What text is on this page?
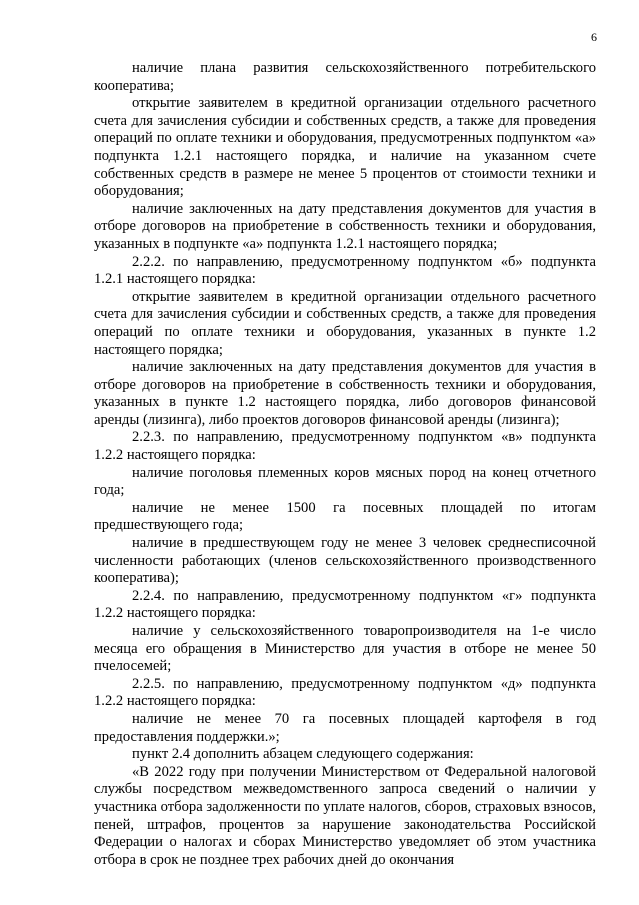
6

наличие плана развития сельскохозяйственного потребительского кооператива;

открытие заявителем в кредитной организации отдельного расчетного счета для зачисления субсидии и собственных средств, а также для проведения операций по оплате техники и оборудования, предусмотренных подпунктом «а» подпункта 1.2.1 настоящего порядка, и наличие на указанном счете собственных средств в размере не менее 5 процентов от стоимости техники и оборудования;

наличие заключенных на дату представления документов для участия в отборе договоров на приобретение в собственность техники и оборудования, указанных в подпункте «а» подпункта 1.2.1 настоящего порядка;

2.2.2. по направлению, предусмотренному подпунктом «б» подпункта 1.2.1 настоящего порядка:

открытие заявителем в кредитной организации отдельного расчетного счета для зачисления субсидии и собственных средств, а также для проведения операций по оплате техники и оборудования, указанных в пункте 1.2 настоящего порядка;

наличие заключенных на дату представления документов для участия в отборе договоров на приобретение в собственность техники и оборудования, указанных в пункте 1.2 настоящего порядка, либо договоров финансовой аренды (лизинга), либо проектов договоров финансовой аренды (лизинга);

2.2.3. по направлению, предусмотренному подпунктом «в» подпункта 1.2.2 настоящего порядка:

наличие поголовья племенных коров мясных пород на конец отчетного года;

наличие не менее 1500 га посевных площадей по итогам предшествующего года;

наличие в предшествующем году не менее 3 человек среднесписочной численности работающих (членов сельскохозяйственного производственного кооператива);

2.2.4. по направлению, предусмотренному подпунктом «г» подпункта 1.2.2 настоящего порядка:

наличие у сельскохозяйственного товаропроизводителя на 1-е число месяца его обращения в Министерство для участия в отборе не менее 50 пчелосемей;

2.2.5. по направлению, предусмотренному подпунктом «д» подпункта 1.2.2 настоящего порядка:

наличие не менее 70 га посевных площадей картофеля в год предоставления поддержки.»;

пункт 2.4 дополнить абзацем следующего содержания:

«В 2022 году при получении Министерством от Федеральной налоговой службы посредством межведомственного запроса сведений о наличии у участника отбора задолженности по уплате налогов, сборов, страховых взносов, пеней, штрафов, процентов за нарушение законодательства Российской Федерации о налогах и сборах Министерство уведомляет об этом участника отбора в срок не позднее трех рабочих дней до окончания
